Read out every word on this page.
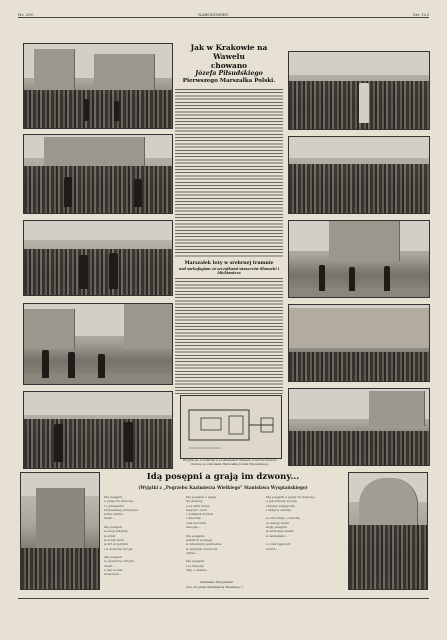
Nr. 20C	NARODOWIEC	Str. 123
Jak w Krakowie na Wawelu
chowano
Józefa Piłsudskiego
Pierwszego Marszałka Polski.
Marszałek leży w srebrnej trumnie
nad sarkofagiem ze szczątkami wieszczów Słowacki i Mickiewicza
Krypta św. Leonarda w podziemiach Wawelu w której złożono trumnę ze zwłokami Marszałka Józefa Piłsudskiego.
Idą posępni a grają im dzwony...
(Wyjątki z „Pogrzebu Kazimierza Wielkiego" Stanisława Wyspiańskiego)
Idą posępni
a grają im dzwony...
i z przepaści
królewskiej przybywa
króla żałoba
nieść...

Idą posępni
w swój żałobny
pochód
w szaty złote
w kir przybrani
i w srebrne zbroje

idą posępni
w pancerze zbrojni
nieść...
a idą w takt
dzwonów...
Idą posępni a grają
im dzwony
a za nimi niosą
książąt i ruch
z polskich królów
i szlachty
całe koronne
mnogie...

Idą posępni,
wielkich powagą
w żałobnym pochodzie
w ciężkich marszów
rytmu...

Idą posępni
i w dzwony
biją, a wszak...
Idą posępni a grają im dzwony...
a jak dziecię w bólu
zbrojne posągi idą
i dalej w ziemię...

w całe kraju, a Duchy
w naszej ziemi
stoją posępni
w sarkofag wielki
w wiekuiste...

i z ciał żyjących
naród...
Stanisław Wyspiański
(Na „Pogrzeb Kazimierza Wielkiego")
